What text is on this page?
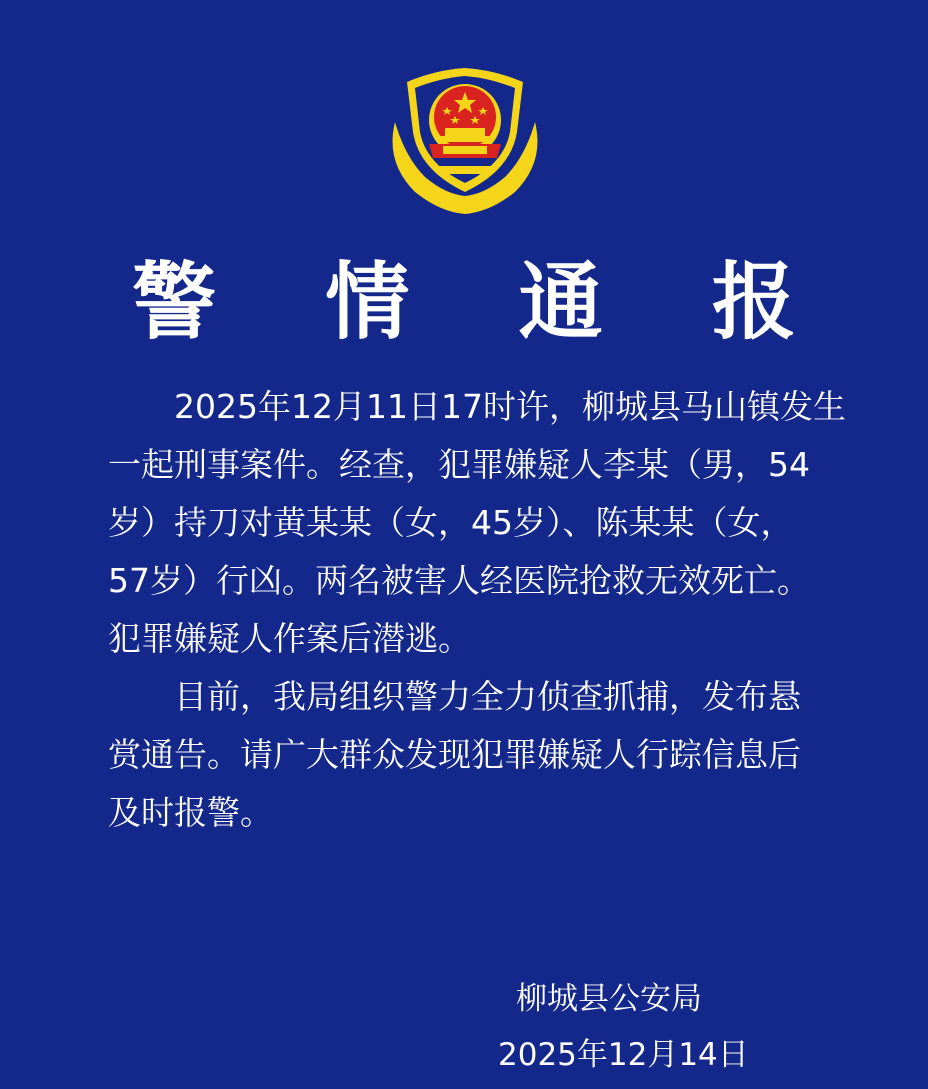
警 情 通 报
2025年12月11日17时许，柳城县马山镇发生
一起刑事案件。经查，犯罪嫌疑人李某（男，54
岁）持刀对黄某某（女，45岁）、陈某某（女，
57岁）行凶。两名被害人经医院抢救无效死亡。
犯罪嫌疑人作案后潜逃。
目前，我局组织警力全力侦查抓捕，发布悬
赏通告。请广大群众发现犯罪嫌疑人行踪信息后
及时报警。
柳城县公安局
2025年12月14日
